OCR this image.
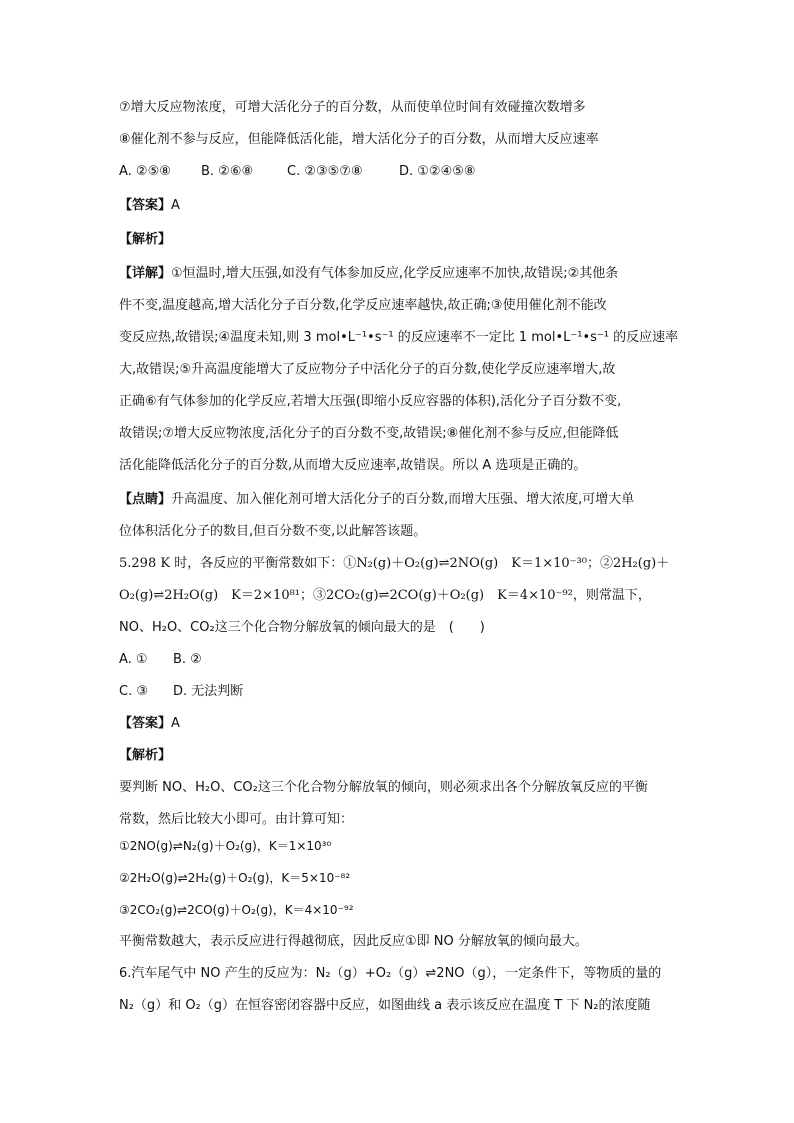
⑦增大反应物浓度，可增大活化分子的百分数，从而使单位时间有效碰撞次数增多

⑧催化剂不参与反应，但能降低活化能，增大活化分子的百分数，从而增大反应速率

A. ②⑤⑧ B. ②⑥⑧	C. ②③⑤⑦⑧	D. ①②④⑤⑧

【答案】A

【解析】

【详解】①恒温时,增大压强,如没有气体参加反应,化学反应速率不加快,故错误;②其他条

件不变,温度越高,增大活化分子百分数,化学反应速率越快,故正确;③使用催化剂不能改

变反应热,故错误;④温度未知,则 3 mol•L⁻¹•s⁻¹ 的反应速率不一定比 1 mol•L⁻¹•s⁻¹ 的反应速率

大,故错误;⑤升高温度能增大了反应物分子中活化分子的百分数,使化学反应速率增大,故

正确⑥有气体参加的化学反应,若增大压强(即缩小反应容器的体积),活化分子百分数不变,

故错误;⑦增大反应物浓度,活化分子的百分数不变,故错误;⑧催化剂不参与反应,但能降低

活化能降低活化分子的百分数,从而增大反应速率,故错误。所以 A 选项是正确的。

【点睛】升高温度、加入催化剂可增大活化分子的百分数,而增大压强、增大浓度,可增大单

位体积活化分子的数目,但百分数不变,以此解答该题。

5.298 K 时，各反应的平衡常数如下：①N₂(g)＋O₂(g)⇌2NO(g)　K＝1×10⁻³⁰；②2H₂(g)＋

O₂(g)⇌2H₂O(g)　K＝2×10⁸¹；③2CO₂(g)⇌2CO(g)＋O₂(g)　K＝4×10⁻⁹²，则常温下，

NO、H₂O、CO₂这三个化合物分解放氧的倾向最大的是　(　　)

A. ① B. ②

C. ③ D. 无法判断

【答案】A

【解析】

要判断 NO、H₂O、CO₂这三个化合物分解放氧的倾向，则必须求出各个分解放氧反应的平衡

常数，然后比较大小即可。由计算可知：

①2NO(g)⇌N₂(g)＋O₂(g)，K＝1×10³⁰

②2H₂O(g)⇌2H₂(g)＋O₂(g)，K＝5×10⁻⁸²

③2CO₂(g)⇌2CO(g)＋O₂(g)，K＝4×10⁻⁹²

平衡常数越大，表示反应进行得越彻底，因此反应①即 NO 分解放氧的倾向最大。

6.汽车尾气中 NO 产生的反应为：N₂（g）+O₂（g）⇌2NO（g），一定条件下，等物质的量的

N₂（g）和 O₂（g）在恒容密闭容器中反应，如图曲线 a 表示该反应在温度 T 下 N₂的浓度随
